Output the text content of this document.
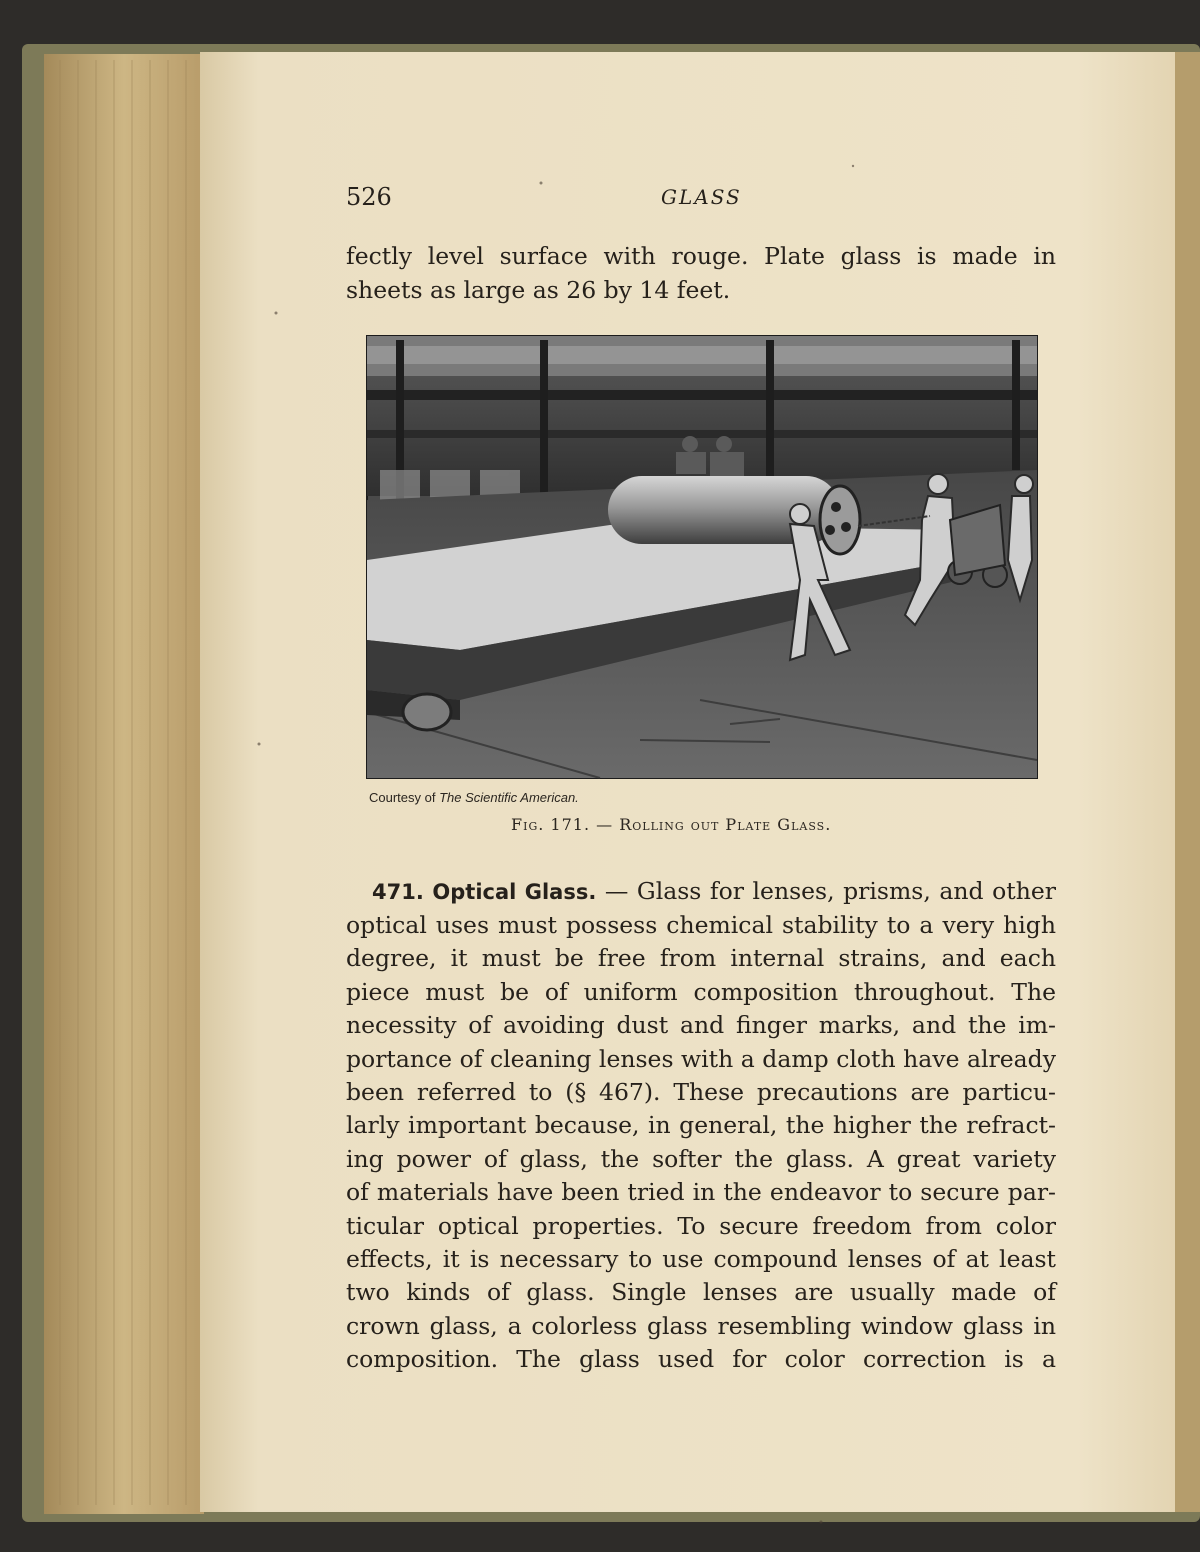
526	GLASS
fectly level surface with rouge. Plate glass is made in
sheets as large as 26 by 14 feet.
Courtesy of The Scientific American.
Fig. 171. — Rolling out Plate Glass.
471. Optical Glass. — Glass for lenses, prisms, and other
optical uses must possess chemical stability to a very high
degree, it must be free from internal strains, and each
piece must be of uniform composition throughout. The
necessity of avoiding dust and finger marks, and the im-
portance of cleaning lenses with a damp cloth have already
been referred to (§ 467). These precautions are particu-
larly important because, in general, the higher the refract-
ing power of glass, the softer the glass. A great variety
of materials have been tried in the endeavor to secure par-
ticular optical properties. To secure freedom from color
effects, it is necessary to use compound lenses of at least
two kinds of glass. Single lenses are usually made of
crown glass, a colorless glass resembling window glass in
composition. The glass used for color correction is a
